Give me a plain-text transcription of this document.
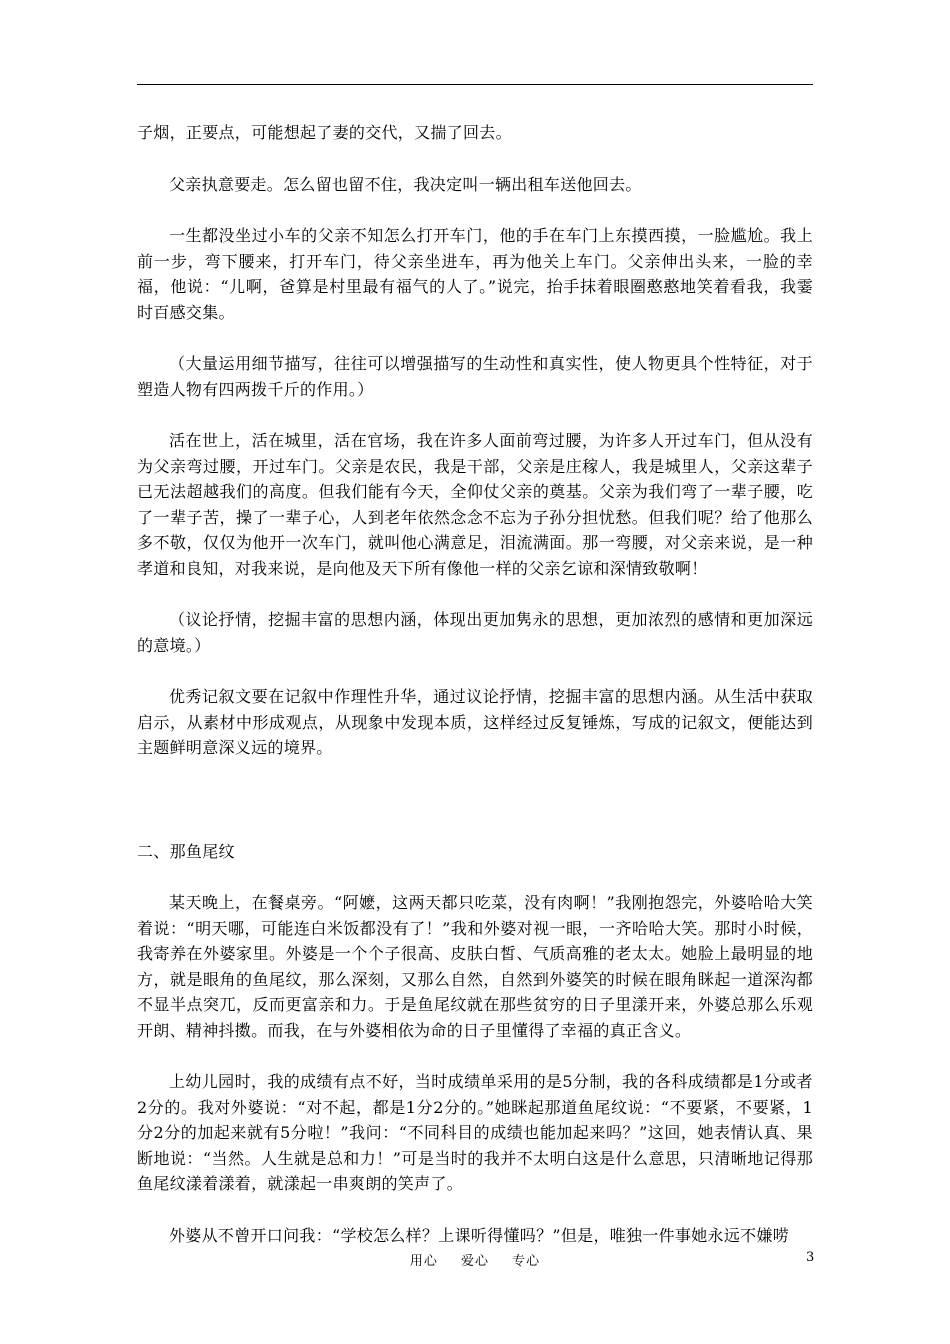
子烟，正要点，可能想起了妻的交代，又揣了回去。

父亲执意要走。怎么留也留不住，我决定叫一辆出租车送他回去。

一生都没坐过小车的父亲不知怎么打开车门，他的手在车门上东摸西摸，一脸尴尬。我上前一步，弯下腰来，打开车门，待父亲坐进车，再为他关上车门。父亲伸出头来，一脸的幸福，他说：“儿啊，爸算是村里最有福气的人了。”说完，抬手抹着眼圈憨憨地笑着看我，我霎时百感交集。

（大量运用细节描写，往往可以增强描写的生动性和真实性，使人物更具个性特征，对于塑造人物有四两拨千斤的作用。）

活在世上，活在城里，活在官场，我在许多人面前弯过腰，为许多人开过车门，但从没有为父亲弯过腰，开过车门。父亲是农民，我是干部，父亲是庄稼人，我是城里人，父亲这辈子已无法超越我们的高度。但我们能有今天，全仰仗父亲的奠基。父亲为我们弯了一辈子腰，吃了一辈子苦，操了一辈子心，人到老年依然念念不忘为子孙分担忧愁。但我们呢？给了他那么多不敬，仅仅为他开一次车门，就叫他心满意足，泪流满面。那一弯腰，对父亲来说，是一种孝道和良知，对我来说，是向他及天下所有像他一样的父亲乞谅和深情致敬啊！

（议论抒情，挖掘丰富的思想内涵，体现出更加隽永的思想，更加浓烈的感情和更加深远的意境。）

优秀记叙文要在记叙中作理性升华，通过议论抒情，挖掘丰富的思想内涵。从生活中获取启示，从素材中形成观点，从现象中发现本质，这样经过反复锤炼，写成的记叙文，便能达到主题鲜明意深义远的境界。

二、那鱼尾纹

某天晚上，在餐桌旁。“阿嬷，这两天都只吃菜，没有肉啊！”我刚抱怨完，外婆哈哈大笑着说：“明天哪，可能连白米饭都没有了！”我和外婆对视一眼，一齐哈哈大笑。那时小时候，我寄养在外婆家里。外婆是一个个子很高、皮肤白皙、气质高雅的老太太。她脸上最明显的地方，就是眼角的鱼尾纹，那么深刻，又那么自然，自然到外婆笑的时候在眼角眯起一道深沟都不显半点突兀，反而更富亲和力。于是鱼尾纹就在那些贫穷的日子里漾开来，外婆总那么乐观开朗、精神抖擞。而我，在与外婆相依为命的日子里懂得了幸福的真正含义。

上幼儿园时，我的成绩有点不好，当时成绩单采用的是5分制，我的各科成绩都是1分或者2分的。我对外婆说：“对不起，都是1分2分的。”她眯起那道鱼尾纹说：“不要紧，不要紧，1分2分的加起来就有5分啦！”我问：“不同科目的成绩也能加起来吗？”这回，她表情认真、果断地说：“当然。人生就是总和力！”可是当时的我并不太明白这是什么意思，只清晰地记得那鱼尾纹漾着漾着，就漾起一串爽朗的笑声了。

外婆从不曾开口问我：“学校怎么样？上课听得懂吗？”但是，唯独一件事她永远不嫌唠

用心 爱心 专心	3
